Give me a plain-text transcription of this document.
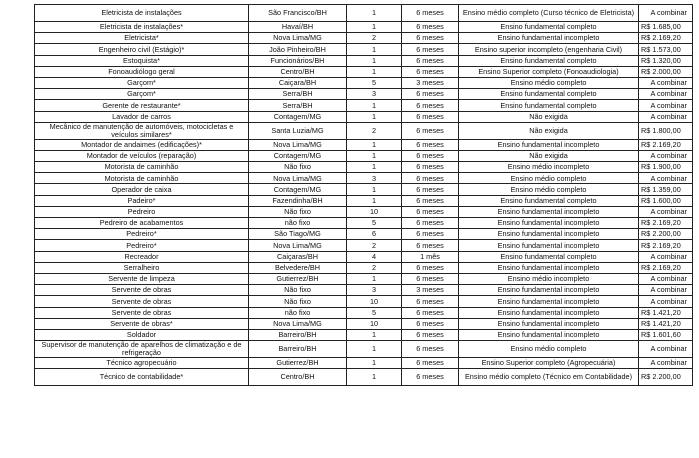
Eletricista de instalações	São Francisco/BH	1	6 meses	Ensino médio completo (Curso técnico de Eletricista)	A combinar
Eletricista de instalações*	Havaí/BH	1	6 meses	Ensino fundamental completo	R$ 1.685,00
Eletricista*	Nova Lima/MG	2	6 meses	Ensino fundamental incompleto	R$ 2.169,20
Engenheiro civil (Estágio)*	João Pinheiro/BH	1	6 meses	Ensino superior incompleto (engenharia Civil)	R$ 1.573,00
Estoquista*	Funcionários/BH	1	6 meses	Ensino fundamental completo	R$ 1.320,00
Fonoaudiólogo geral	Centro/BH	1	6 meses	Ensino Superior completo (Fonoaudiologia)	R$ 2.000,00
Garçom*	Caiçara/BH	5	3 meses	Ensino médio completo	A combinar
Garçom*	Serra/BH	3	6 meses	Ensino fundamental completo	A combinar
Gerente de restaurante*	Serra/BH	1	6 meses	Ensino fundamental completo	A combinar
Lavador de carros	Contagem/MG	1	6 meses	Não exigida	A combinar
Mecânico de manutenção de automóveis, motocicletas e veículos similares*	Santa Luzia/MG	2	6 meses	Não exigida	R$ 1.800,00
Montador de andaimes (edificações)*	Nova Lima/MG	1	6 meses	Ensino fundamental incompleto	R$ 2.169,20
Montador de veículos (reparação)	Contagem/MG	1	6 meses	Não exigida	A combinar
Motorista de caminhão	Não fixo	1	6 meses	Ensino médio incompleto	R$ 1.900,00
Motorista de caminhão	Nova Lima/MG	3	6 meses	Ensino médio completo	A combinar
Operador de caixa	Contagem/MG	1	6 meses	Ensino médio completo	R$ 1.359,00
Padeiro*	Fazendinha/BH	1	6 meses	Ensino fundamental completo	R$ 1.600,00
Pedreiro	Não fixo	10	6 meses	Ensino fundamental incompleto	A combinar
Pedreiro de acabamentos	não fixo	5	6 meses	Ensino fundamental incompleto	R$ 2.169,20
Pedreiro*	São Tiago/MG	6	6 meses	Ensino fundamental incompleto	R$ 2.200,00
Pedreiro*	Nova Lima/MG	2	6 meses	Ensino fundamental incompleto	R$ 2.169,20
Recreador	Caiçaras/BH	4	1 mês	Ensino fundamental completo	A combinar
Serralheiro	Belvedere/BH	2	6 meses	Ensino fundamental incompleto	R$ 2.169,20
Servente de limpeza	Gutierrez/BH	1	6 meses	Ensino médio incompleto	A combinar
Servente de obras	Não fixo	3	3 meses	Ensino fundamental incompleto	A combinar
Servente de obras	Não fixo	10	6 meses	Ensino fundamental incompleto	A combinar
Servente de obras	não fixo	5	6 meses	Ensino fundamental incompleto	R$ 1.421,20
Servente de obras*	Nova Lima/MG	10	6 meses	Ensino fundamental incompleto	R$ 1.421,20
Soldador	Barreiro/BH	1	6 meses	Ensino fundamental incompleto	R$ 1.601,60
Supervisor de manutenção de aparelhos de climatização e de refrigeração	Barreiro/BH	1	6 meses	Ensino médio completo	A combinar
Técnico agropecuário	Gutierrez/BH	1	6 meses	Ensino Superior completo (Agropecuária)	A combinar
Técnico de contabilidade*	Centro/BH	1	6 meses	Ensino médio completo (Técnico em Contabilidade)	R$ 2.200,00
